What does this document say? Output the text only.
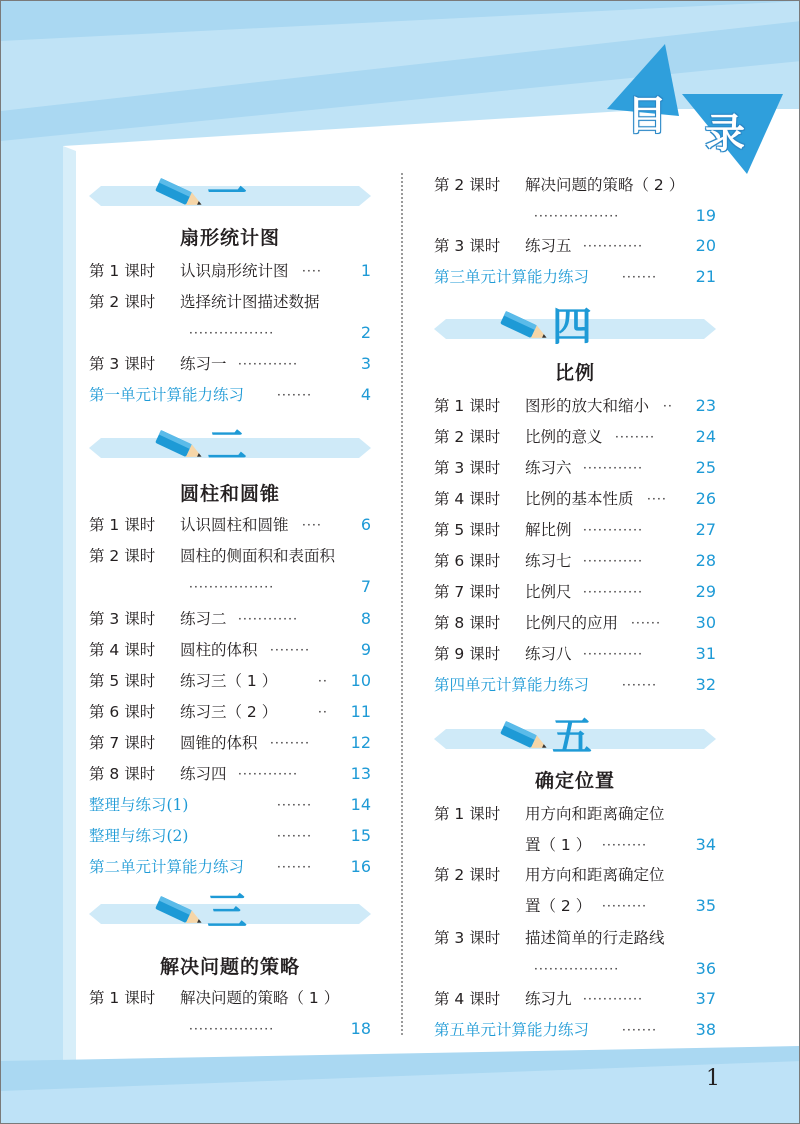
目 录
一
扇形统计图
第 1 课时 认识扇形统计图 ····	1
第 2 课时 选择统计图描述数据
·················	2
第 3 课时 练习一 ············	3
第一单元计算能力练习	·······	4
二
圆柱和圆锥
第 1 课时 认识圆柱和圆锥 ····	6
第 2 课时 圆柱的侧面积和表面积
·················	7
第 3 课时 练习二 ············	8
第 4 课时 圆柱的体积 ········	9
第 5 课时 练习三（ 1 ）	··	10
第 6 课时 练习三（ 2 ）	··	11
第 7 课时 圆锥的体积 ········	12
第 8 课时 练习四 ············	13
整理与练习(1)	·······	14
整理与练习(2)	·······	15
第二单元计算能力练习	·······	16
三
解决问题的策略
第 1 课时 解决问题的策略（ 1 ）
·················	18
第 2 课时 解决问题的策略（ 2 ）
·················	19
第 3 课时 练习五 ············	20
第三单元计算能力练习	·······	21
四
比例
第 1 课时 图形的放大和缩小 ··	23
第 2 课时 比例的意义 ········	24
第 3 课时 练习六 ············	25
第 4 课时 比例的基本性质 ····	26
第 5 课时 解比例 ············	27
第 6 课时 练习七 ············	28
第 7 课时 比例尺 ············	29
第 8 课时 比例尺的应用 ······	30
第 9 课时 练习八 ············	31
第四单元计算能力练习	·······	32
五
确定位置
第 1 课时 用方向和距离确定位
置（ 1 ） ·········	34
第 2 课时 用方向和距离确定位
置（ 2 ） ·········	35
第 3 课时 描述简单的行走路线
·················	36
第 4 课时 练习九 ············	37
第五单元计算能力练习	·······	38
1
